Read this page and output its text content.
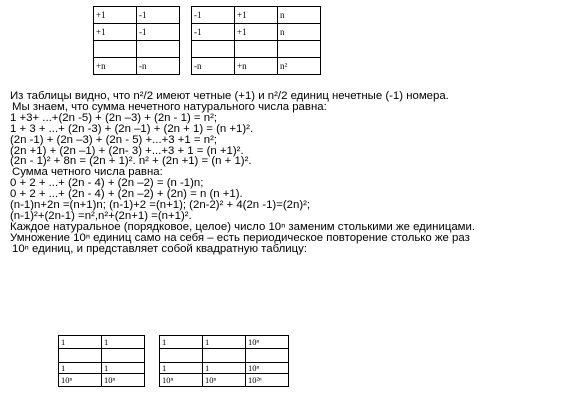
+1	-1		-1	+1	n
+1	-1		-1	+1	n

+n	-n		-n	+n	n²

Из таблицы видно, что n²/2 имеют четные (+1) и n²/2 единиц нечетные (-1) номера.

Мы знаем, что сумма нечетного натурального числа равна:

1 +3+ ...+(2n -5) + (2n –3) + (2n - 1) = n²;

1 + 3 + ...+ (2n -3) + (2n –1) + (2n + 1) = (n +1)².

(2n -1) + (2n –3) + (2n - 5) +...+3 +1 = n²;

(2n +1) + (2n –1) + (2n- 3) +...+3 + 1 = (n +1)².

(2n - 1)² + 8n = (2n + 1)². n² + (2n +1) = (n + 1)².

Сумма четного числа равна:

0 + 2 + ...+ (2n - 4) + (2n –2) = (n -1)n;

0 + 2 + ...+ (2n - 4) + (2n –2) + (2n) = n (n +1).

(n-1)n+2n =(n+1)n; (n-1)+2 =(n+1); (2n-2)² + 4(2n -1)=(2n)²;

(n-1)²+(2n-1) =n²,n²+(2n+1) =(n+1)².

Каждое натуральное (порядковое, целое) число 10ⁿ заменим столькими же единицами.

Умножение 10ⁿ единиц само на себя – есть периодическое повторение столько же раз

10ⁿ единиц, и представляет собой квадратную таблицу:

1	1		1	1	10ⁿ

1	1		1	1	10ⁿ
10ⁿ	10ⁿ		10ⁿ	10ⁿ	10²ⁿ
